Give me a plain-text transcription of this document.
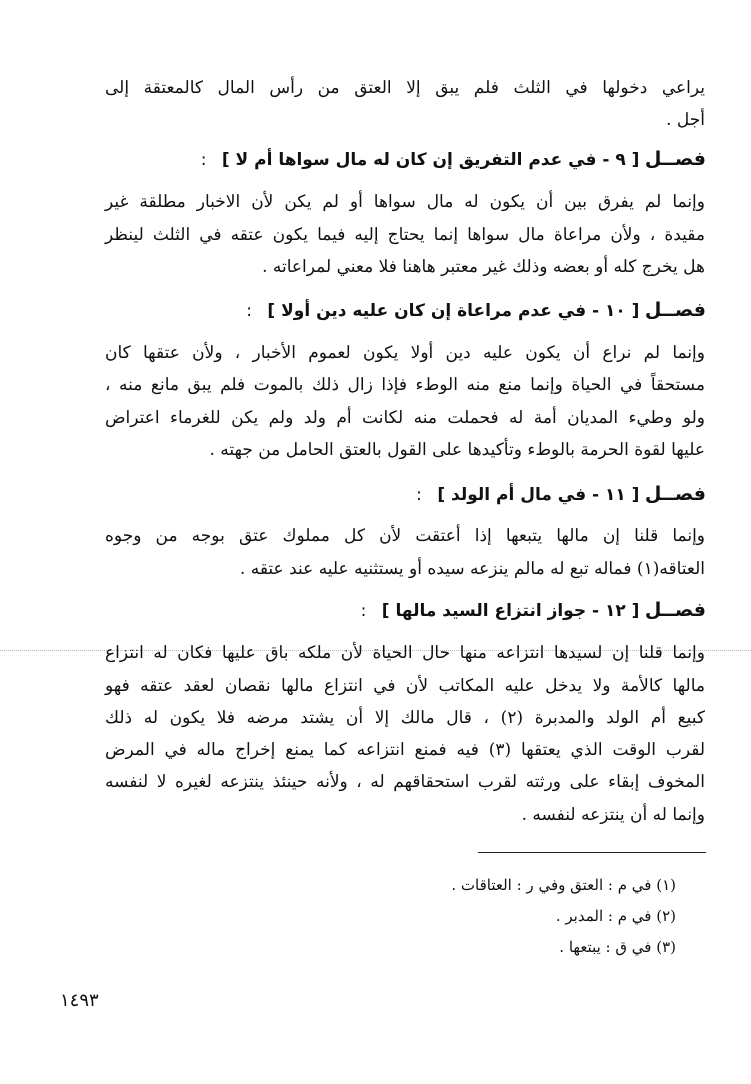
يراعي دخولها في الثلث فلم يبق إلا العتق من رأس المال كالمعتقة إلى
أجل .
وإنما لم يفرق بين أن يكون له مال سواها أو لم يكن لأن الاخبار مطلقة غير
مقيدة ، ولأن مراعاة مال سواها إنما يحتاج إليه فيما يكون عتقه في الثلث لينظر
هل يخرج كله أو بعضه وذلك غير معتبر هاهنا فلا معني لمراعاته .
وإنما لم نراع أن يكون عليه دين أولا يكون لعموم الأخبار ، ولأن عتقها كان
مستحقاً في الحياة وإنما منع منه الوطء فإذا زال ذلك بالموت فلم يبق مانع منه ،
ولو وطيء المديان أمة له فحملت منه لكانت أم ولد ولم يكن للغرماء اعتراض
عليها لقوة الحرمة بالوطء وتأكيدها على القول بالعتق الحامل من جهته .
وإنما قلنا إن مالها يتبعها إذا أعتقت لأن كل مملوك عتق بوجه من وجوه
العتاقه(١) فماله تبع له مالم ينزعه سيده أو يستثنيه عليه عند عتقه .
وإنما قلنا إن لسيدها انتزاعه منها حال الحياة لأن ملكه باق عليها فكان له انتزاع
مالها كالأمة ولا يدخل عليه المكاتب لأن في انتزاع مالها نقصان لعقد عتقه فهو
كبيع أم الولد والمدبرة (٢) ، قال مالك إلا أن يشتد مرضه فلا يكون له ذلك
لقرب الوقت الذي يعتقها (٣) فيه فمنع انتزاعه كما يمنع إخراج ماله في المرض
المخوف إبقاء على ورثته لقرب استحقاقهم له ، ولأنه حينئذ ينتزعه لغيره لا لنفسه
وإنما له أن ينتزعه لنفسه .
فصــل [ ٩ - في عدم التفريق إن كان له مال سواها أم لا ] :
فصــل [ ١٠ - في عدم مراعاة إن كان عليه دين أولا ] :
فصــل [ ١١ - في مال أم الولد ] :
فصــل [ ١٢ - جواز انتزاع السيد مالها ] :
(١) في م : العتق وفي ر : العتاقات .
(٢) في م : المدبر .
(٣) في ق : يبتعها .
١٤٩٣
